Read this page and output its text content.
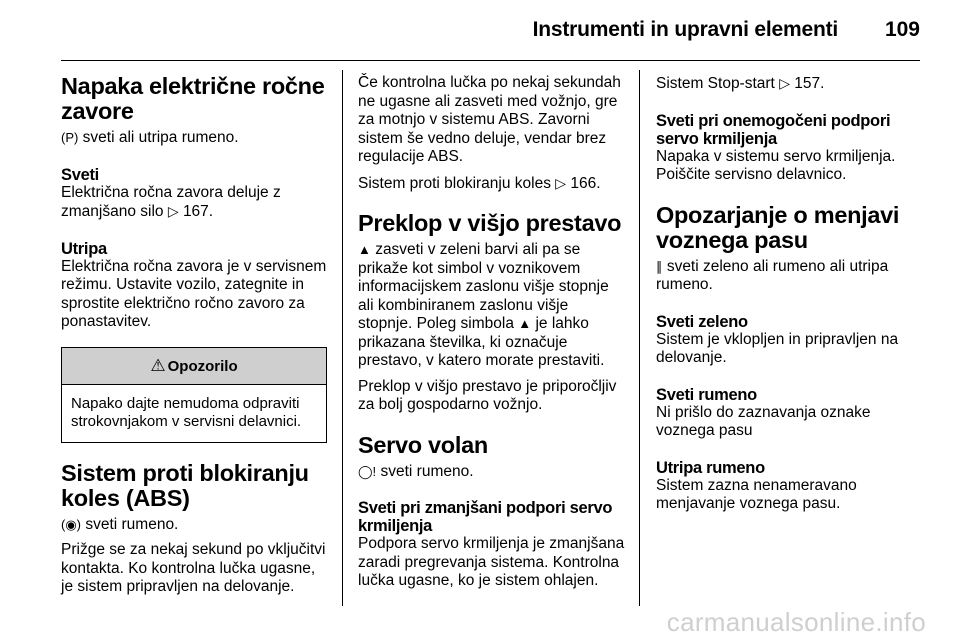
Instrumenti in upravni elementi 109
Napaka električne ročne zavore

(P) sveti ali utripa rumeno.

Sveti

Električna ročna zavora deluje z zmanjšano silo ▷ 167.

Utripa

Električna ročna zavora je v servisnem režimu. Ustavite vozilo, zategnite in sprostite električno ročno zavoro za ponastavitev.

⚠ Opozorilo
Napako dajte nemudoma odpraviti strokovnjakom v servisni delavnici.
Sistem proti blokiranju koles (ABS)

(◉) sveti rumeno.

Prižge se za nekaj sekund po vključitvi kontakta. Ko kontrolna lučka ugasne, je sistem pripravljen na delovanje.

Če kontrolna lučka po nekaj sekundah ne ugasne ali zasveti med vožnjo, gre za motnjo v sistemu ABS. Zavorni sistem še vedno deluje, vendar brez regulacije ABS.

Sistem proti blokiranju koles ▷ 166.

Preklop v višjo prestavo

▲ zasveti v zeleni barvi ali pa se prikaže kot simbol v voznikovem informacijskem zaslonu višje stopnje ali kombiniranem zaslonu višje stopnje. Poleg simbola ▲ je lahko prikazana številka, ki označuje prestavo, v katero morate prestaviti.

Preklop v višjo prestavo je priporočljiv za bolj gospodarno vožnjo.

Servo volan

◯! sveti rumeno.

Sveti pri zmanjšani podpori servo krmiljenja

Podpora servo krmiljenja je zmanjšana zaradi pregrevanja sistema. Kontrolna lučka ugasne, ko je sistem ohlajen.

Sistem Stop-start ▷ 157.

Sveti pri onemogočeni podpori servo krmiljenja

Napaka v sistemu servo krmiljenja. Poiščite servisno delavnico.

Opozarjanje o menjavi voznega pasu

∥ sveti zeleno ali rumeno ali utripa rumeno.

Sveti zeleno

Sistem je vklopljen in pripravljen na delovanje.

Sveti rumeno

Ni prišlo do zaznavanja oznake voznega pasu

Utripa rumeno

Sistem zazna nenameravano menjavanje voznega pasu.

carmanualsonline.info
